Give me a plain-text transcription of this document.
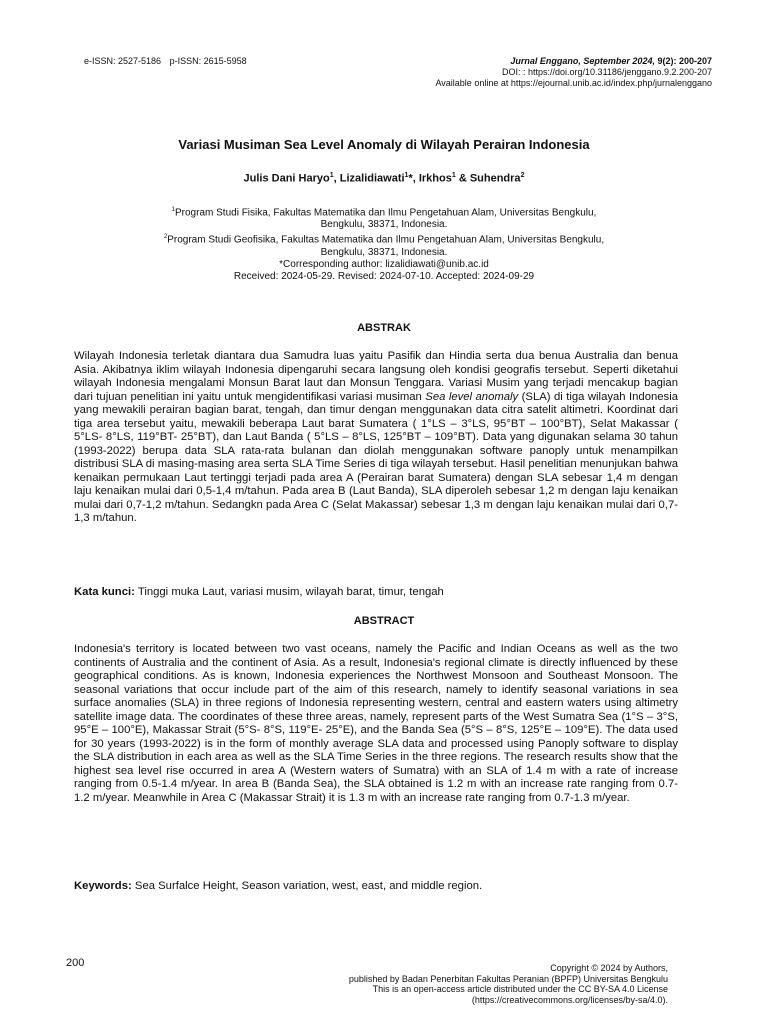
e-ISSN: 2527-5186 p-ISSN: 2615-5958	Jurnal Enggano, September 2024, 9(2): 200-207
DOI: : https://doi.org/10.31186/jenggano.9.2.200-207
Available online at https://ejournal.unib.ac.id/index.php/jurnalenggano
Variasi Musiman Sea Level Anomaly di Wilayah Perairan Indonesia
Julis Dani Haryo$^1$, Lizalidiawati$^1$*, Irkhos$^1$ & Suhendra$^2$
$^1$Program Studi Fisika, Fakultas Matematika dan Ilmu Pengetahuan Alam, Universitas Bengkulu,
Bengkulu, 38371, Indonesia.
$^2$Program Studi Geofisika, Fakultas Matematika dan Ilmu Pengetahuan Alam, Universitas Bengkulu,
Bengkulu, 38371, Indonesia.
*Corresponding author: lizalidiawati@unib.ac.id
Received: 2024-05-29. Revised: 2024-07-10. Accepted: 2024-09-29
ABSTRAK
Wilayah Indonesia terletak diantara dua Samudra luas yaitu Pasifik dan Hindia serta dua benua Australia dan benua Asia. Akibatnya iklim wilayah Indonesia dipengaruhi secara langsung oleh kondisi geografis tersebut. Seperti diketahui wilayah Indonesia mengalami Monsun Barat laut dan Monsun Tenggara. Variasi Musim yang terjadi mencakup bagian dari tujuan penelitian ini yaitu untuk mengidentifikasi variasi musiman Sea level anomaly (SLA) di tiga wilayah Indonesia yang mewakili perairan bagian barat, tengah, dan timur dengan menggunakan data citra satelit altimetri. Koordinat dari tiga area tersebut yaitu, mewakili beberapa Laut barat Sumatera ( 1°LS – 3°LS, 95°BT – 100°BT), Selat Makassar ( 5°LS- 8°LS, 119°BT- 25°BT), dan Laut Banda ( 5°LS – 8°LS, 125°BT – 109°BT). Data yang digunakan selama 30 tahun (1993-2022) berupa data SLA rata-rata bulanan dan diolah menggunakan software panoply untuk menampilkan distribusi SLA di masing-masing area serta SLA Time Series di tiga wilayah tersebut. Hasil penelitian menunjukan bahwa kenaikan permukaan Laut tertinggi terjadi pada area A (Perairan barat Sumatera) dengan SLA sebesar 1,4 m dengan laju kenaikan mulai dari 0,5-1,4 m/tahun. Pada area B (Laut Banda), SLA diperoleh sebesar 1,2 m dengan laju kenaikan mulai dari 0,7-1,2 m/tahun. Sedangkn pada Area C (Selat Makassar) sebesar 1,3 m dengan laju kenaikan mulai dari 0,7-1,3 m/tahun.
Kata kunci: Tinggi muka Laut, variasi musim, wilayah barat, timur, tengah
ABSTRACT
Indonesia's territory is located between two vast oceans, namely the Pacific and Indian Oceans as well as the two continents of Australia and the continent of Asia. As a result, Indonesia's regional climate is directly influenced by these geographical conditions. As is known, Indonesia experiences the Northwest Monsoon and Southeast Monsoon. The seasonal variations that occur include part of the aim of this research, namely to identify seasonal variations in sea surface anomalies (SLA) in three regions of Indonesia representing western, central and eastern waters using altimetry satellite image data. The coordinates of these three areas, namely, represent parts of the West Sumatra Sea (1°S – 3°S, 95°E – 100°E), Makassar Strait (5°S- 8°S, 119°E- 25°E), and the Banda Sea (5°S – 8°S, 125°E – 109°E). The data used for 30 years (1993-2022) is in the form of monthly average SLA data and processed using Panoply software to display the SLA distribution in each area as well as the SLA Time Series in the three regions. The research results show that the highest sea level rise occurred in area A (Western waters of Sumatra) with an SLA of 1.4 m with a rate of increase ranging from 0.5-1.4 m/year. In area B (Banda Sea), the SLA obtained is 1.2 m with an increase rate ranging from 0.7-1.2 m/year. Meanwhile in Area C (Makassar Strait) it is 1.3 m with an increase rate ranging from 0.7-1.3 m/year.
Keywords: Sea Surfalce Height, Season variation, west, east, and middle region.
200	Copyright © 2024 by Authors,
published by Badan Penerbitan Fakultas Peranian (BPFP) Universitas Bengkulu
This is an open-access article distributed under the CC BY-SA 4.0 License
(https://creativecommons.org/licenses/by-sa/4.0).
